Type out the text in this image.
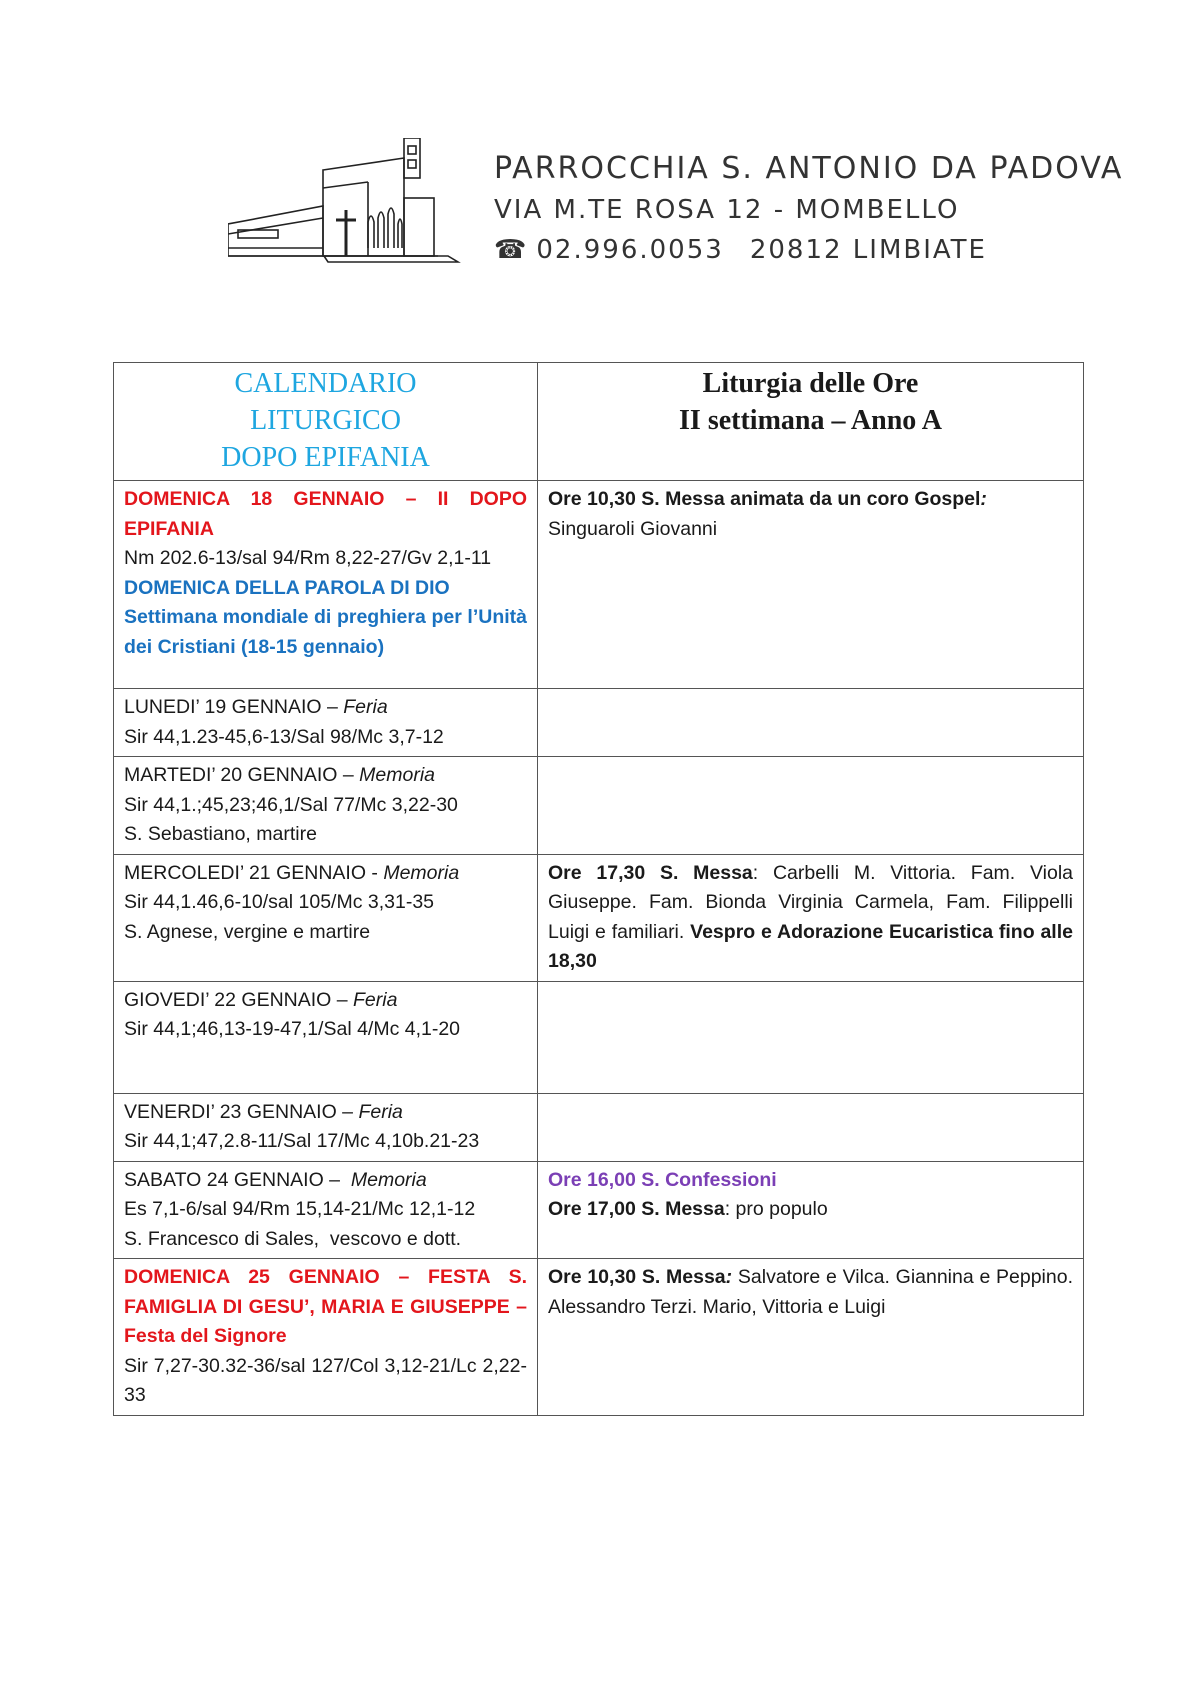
PARROCCHIA S. ANTONIO DA PADOVA
VIA M.TE ROSA 12 - MOMBELLO
☎ 02.996.0053 20812 LIMBIATE
CALENDARIO
LITURGICO
DOPO EPIFANIA	Liturgia delle Ore
II settimana – Anno A

DOMENICA 18 GENNAIO – II DOPO EPIFANIA
Nm 202.6-13/sal 94/Rm 8,22-27/Gv 2,1-11
DOMENICA DELLA PAROLA DI DIO
Settimana mondiale di preghiera per l’Unità dei Cristiani (18-15 gennaio)	Ore 10,30 S. Messa animata da un coro Gospel:
Singuaroli Giovanni

LUNEDI’ 19 GENNAIO – Feria
Sir 44,1.23-45,6-13/Sal 98/Mc 3,7-12	

MARTEDI’ 20 GENNAIO – Memoria
Sir 44,1.;45,23;46,1/Sal 77/Mc 3,22-30
S. Sebastiano, martire	

MERCOLEDI’ 21 GENNAIO - Memoria
Sir 44,1.46,6-10/sal 105/Mc 3,31-35
S. Agnese, vergine e martire	Ore 17,30 S. Messa: Carbelli M. Vittoria. Fam. Viola Giuseppe. Fam. Bionda Virginia Carmela, Fam. Filippelli Luigi e familiari. Vespro e Adorazione Eucaristica fino alle 18,30

GIOVEDI’ 22 GENNAIO – Feria
Sir 44,1;46,13-19-47,1/Sal 4/Mc 4,1-20	

VENERDI’ 23 GENNAIO – Feria
Sir 44,1;47,2.8-11/Sal 17/Mc 4,10b.21-23	

SABATO 24 GENNAIO –  Memoria
Es 7,1-6/sal 94/Rm 15,14-21/Mc 12,1-12
S. Francesco di Sales,  vescovo e dott.	Ore 16,00 S. Confessioni
Ore 17,00 S. Messa: pro populo

DOMENICA 25 GENNAIO – FESTA S. FAMIGLIA DI GESU’, MARIA E GIUSEPPE – Festa del Signore
Sir 7,27-30.32-36/sal 127/Col 3,12-21/Lc 2,22-33	Ore 10,30 S. Messa: Salvatore e Vilca. Giannina e Peppino. Alessandro Terzi. Mario, Vittoria e Luigi
